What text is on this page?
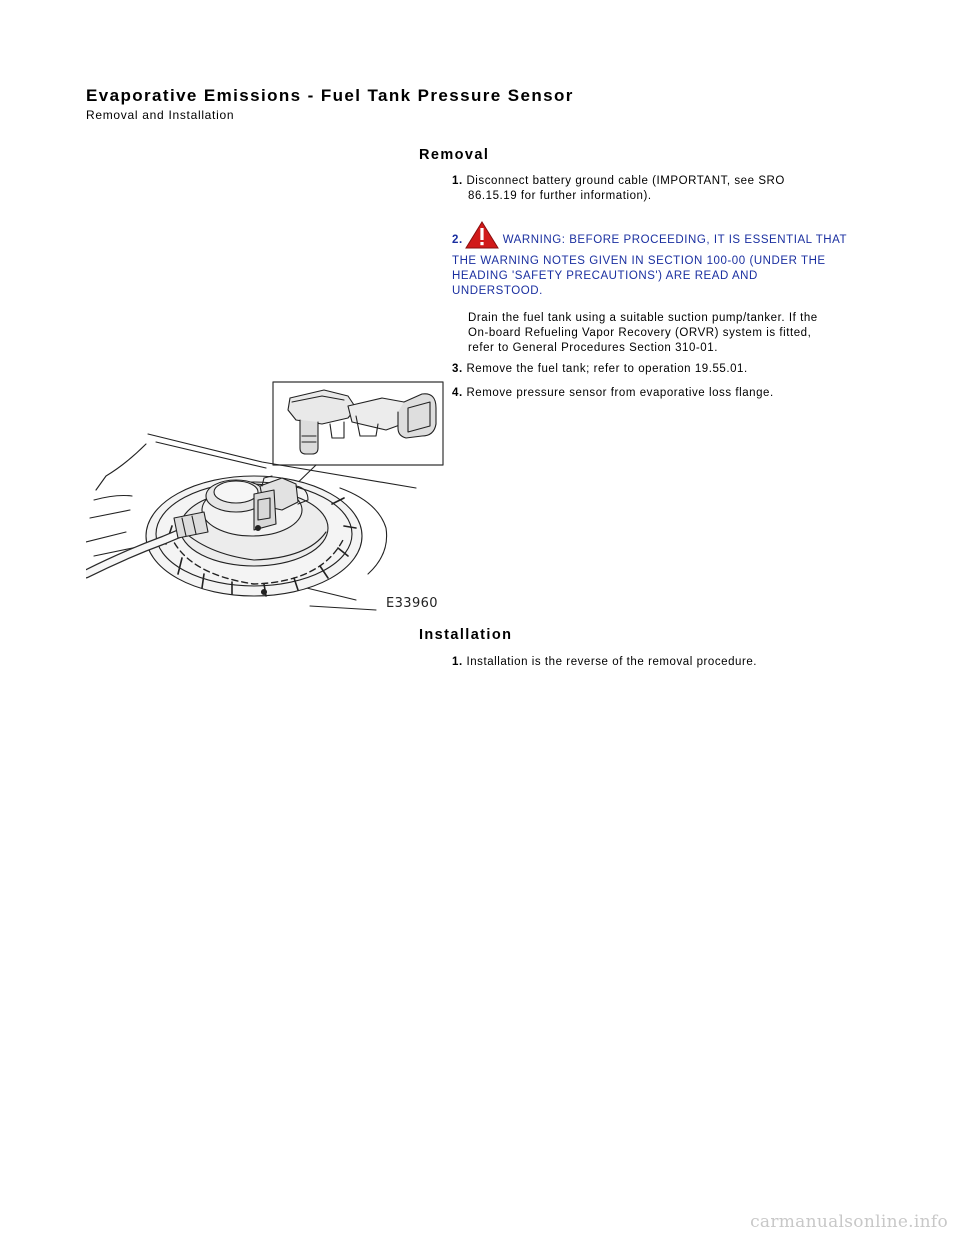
Evaporative Emissions - Fuel Tank Pressure Sensor

Removal and Installation

Removal
1. Disconnect battery ground cable (IMPORTANT, see SRO
86.15.19 for further information).
2.	WARNING: BEFORE PROCEEDING, IT IS ESSENTIAL THAT
THE WARNING NOTES GIVEN IN SECTION 100-00 (UNDER THE
HEADING 'SAFETY PRECAUTIONS') ARE READ AND
UNDERSTOOD.
Drain the fuel tank using a suitable suction pump/tanker. If the
On-board Refueling Vapor Recovery (ORVR) system is fitted,
refer to General Procedures Section 310-01.
3. Remove the fuel tank; refer to operation 19.55.01.
4. Remove pressure sensor from evaporative loss flange.
E33960
Installation
1. Installation is the reverse of the removal procedure.
carmanualsonline.info
